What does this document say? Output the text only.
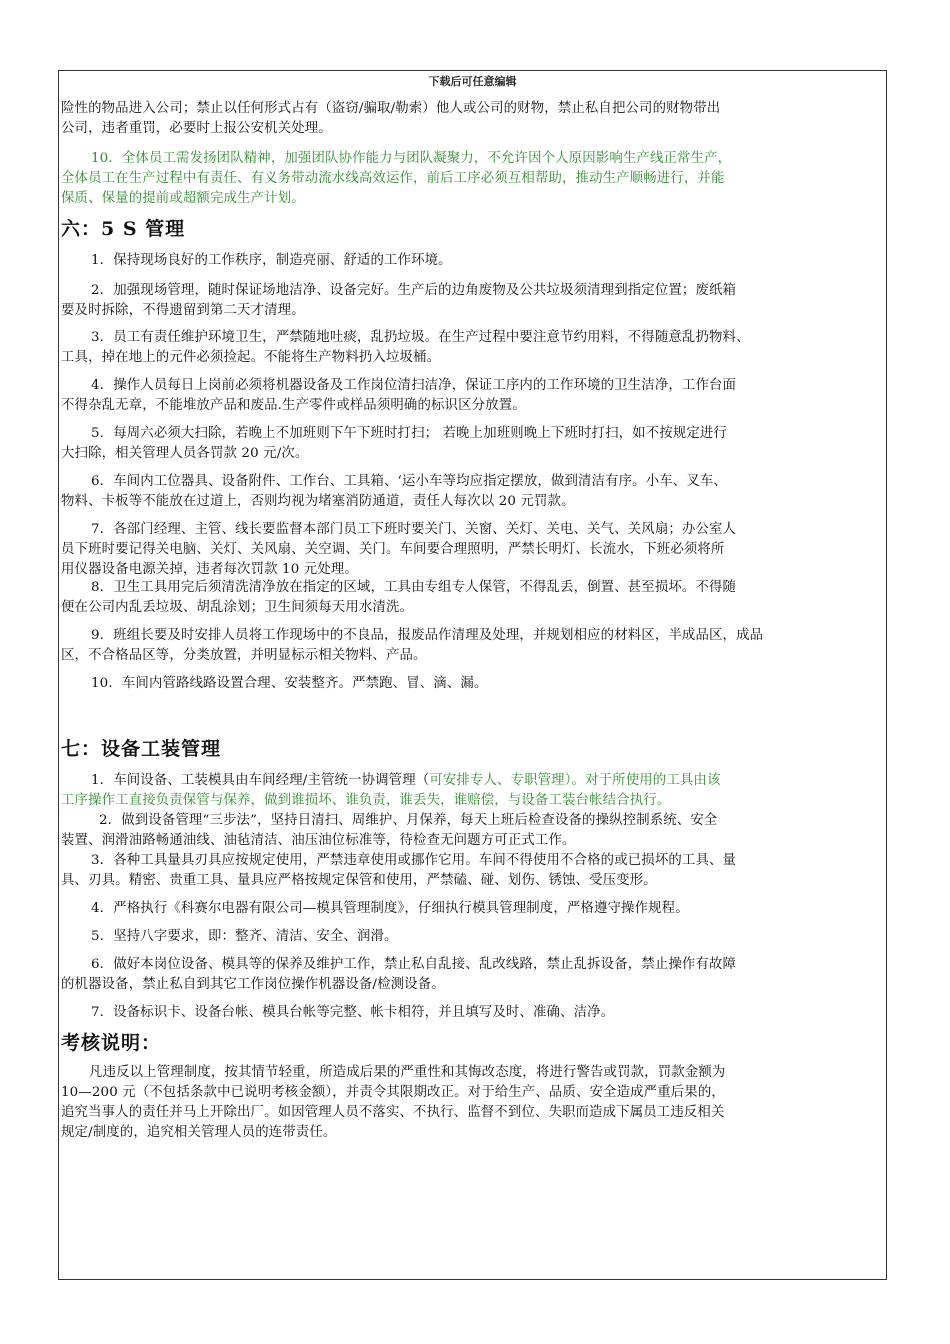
下载后可任意编辑
险性的物品进入公司；禁止以任何形式占有（盗窃/骗取/勒索）他人或公司的财物，禁止私自把公司的财物带出
公司，违者重罚，必要时上报公安机关处理。
10．全体员工需发扬团队精神，加强团队协作能力与团队凝聚力，不允许因个人原因影响生产线正常生产，
全体员工在生产过程中有责任、有义务带动流水线高效运作，前后工序必须互相帮助，推动生产顺畅进行，并能
保质、保量的提前或超额完成生产计划。
六：5 S 管理
1．保持现场良好的工作秩序，制造亮丽、舒适的工作环境。
2．加强现场管理，随时保证场地洁净、设备完好。生产后的边角废物及公共垃圾须清理到指定位置；废纸箱
要及时拆除，不得遗留到第二天才清理。
3．员工有责任维护环境卫生，严禁随地吐痰，乱扔垃圾。在生产过程中要注意节约用料，不得随意乱扔物料、
工具，掉在地上的元件必须捡起。不能将生产物料扔入垃圾桶。
4．操作人员每日上岗前必须将机器设备及工作岗位清扫洁净，保证工序内的工作环境的卫生洁净，工作台面
不得杂乱无章，不能堆放产品和废品.生产零件或样品须明确的标识区分放置。
5．每周六必须大扫除，若晚上不加班则下午下班时打扫； 若晚上加班则晚上下班时打扫，如不按规定进行
大扫除，相关管理人员各罚款 20 元/次。
6．车间内工位器具、设备附件、工作台、工具箱、‘运小车等均应指定摆放，做到清洁有序。小车、叉车、
物料、卡板等不能放在过道上，否则均视为堵塞消防通道，责任人每次以 20 元罚款。
7．各部门经理、主管、线长要监督本部门员工下班时要关门、关窗、关灯、关电、关气、关风扇；办公室人
员下班时要记得关电脑、关灯、关风扇、关空调、关门。车间要合理照明，严禁长明灯、长流水，下班必须将所
用仪器设备电源关掉，违者每次罚款 10 元处理。
8．卫生工具用完后须清洗清净放在指定的区域，工具由专组专人保管，不得乱丢，倒置、甚至损坏。不得随
便在公司内乱丢垃圾、胡乱涂划；卫生间须每天用水清洗。
9．班组长要及时安排人员将工作现场中的不良品，报废品作清理及处理，并规划相应的材料区，半成品区，成品
区，不合格品区等，分类放置，并明显标示相关物料、产品。
10．车间内管路线路设置合理、安装整齐。严禁跑、冒、滴、漏。
七：设备工装管理
1．车间设备、工装模具由车间经理/主管统一协调管理（可安排专人、专职管理）。对于所使用的工具由该
工序操作工直接负责保管与保养，做到谁损坏、谁负责，谁丢失，谁赔偿，与设备工装台帐结合执行。
2．做到设备管理“三步法”，坚持日清扫、周维护、月保养，每天上班后检查设备的操纵控制系统、安全
装置、润滑油路畅通油线、油毡清洁、油压油位标准等，待检查无问题方可正式工作。
3．各种工具量具刃具应按规定使用，严禁违章使用或挪作它用。车间不得使用不合格的或已损坏的工具、量
具、刃具。精密、贵重工具、量具应严格按规定保管和使用，严禁磕、碰、划伤、锈蚀、受压变形。
4．严格执行《科赛尔电器有限公司—模具管理制度》，仔细执行模具管理制度，严格遵守操作规程。
5．坚持八字要求，即：整齐、清洁、安全、润滑。
6．做好本岗位设备、模具等的保养及维护工作，禁止私自乱接、乱改线路，禁止乱拆设备，禁止操作有故障
的机器设备，禁止私自到其它工作岗位操作机器设备/检测设备。
7．设备标识卡、设备台帐、模具台帐等完整、帐卡相符，并且填写及时、准确、洁净。
考核说明：
凡违反以上管理制度，按其情节轻重，所造成后果的严重性和其悔改态度，将进行警告或罚款，罚款金额为
10—200 元（不包括条款中已说明考核金额），并责令其限期改正。对于给生产、品质、安全造成严重后果的，
追究当事人的责任并马上开除出厂。如因管理人员不落实、不执行、监督不到位、失职而造成下属员工违反相关
规定/制度的，追究相关管理人员的连带责任。
